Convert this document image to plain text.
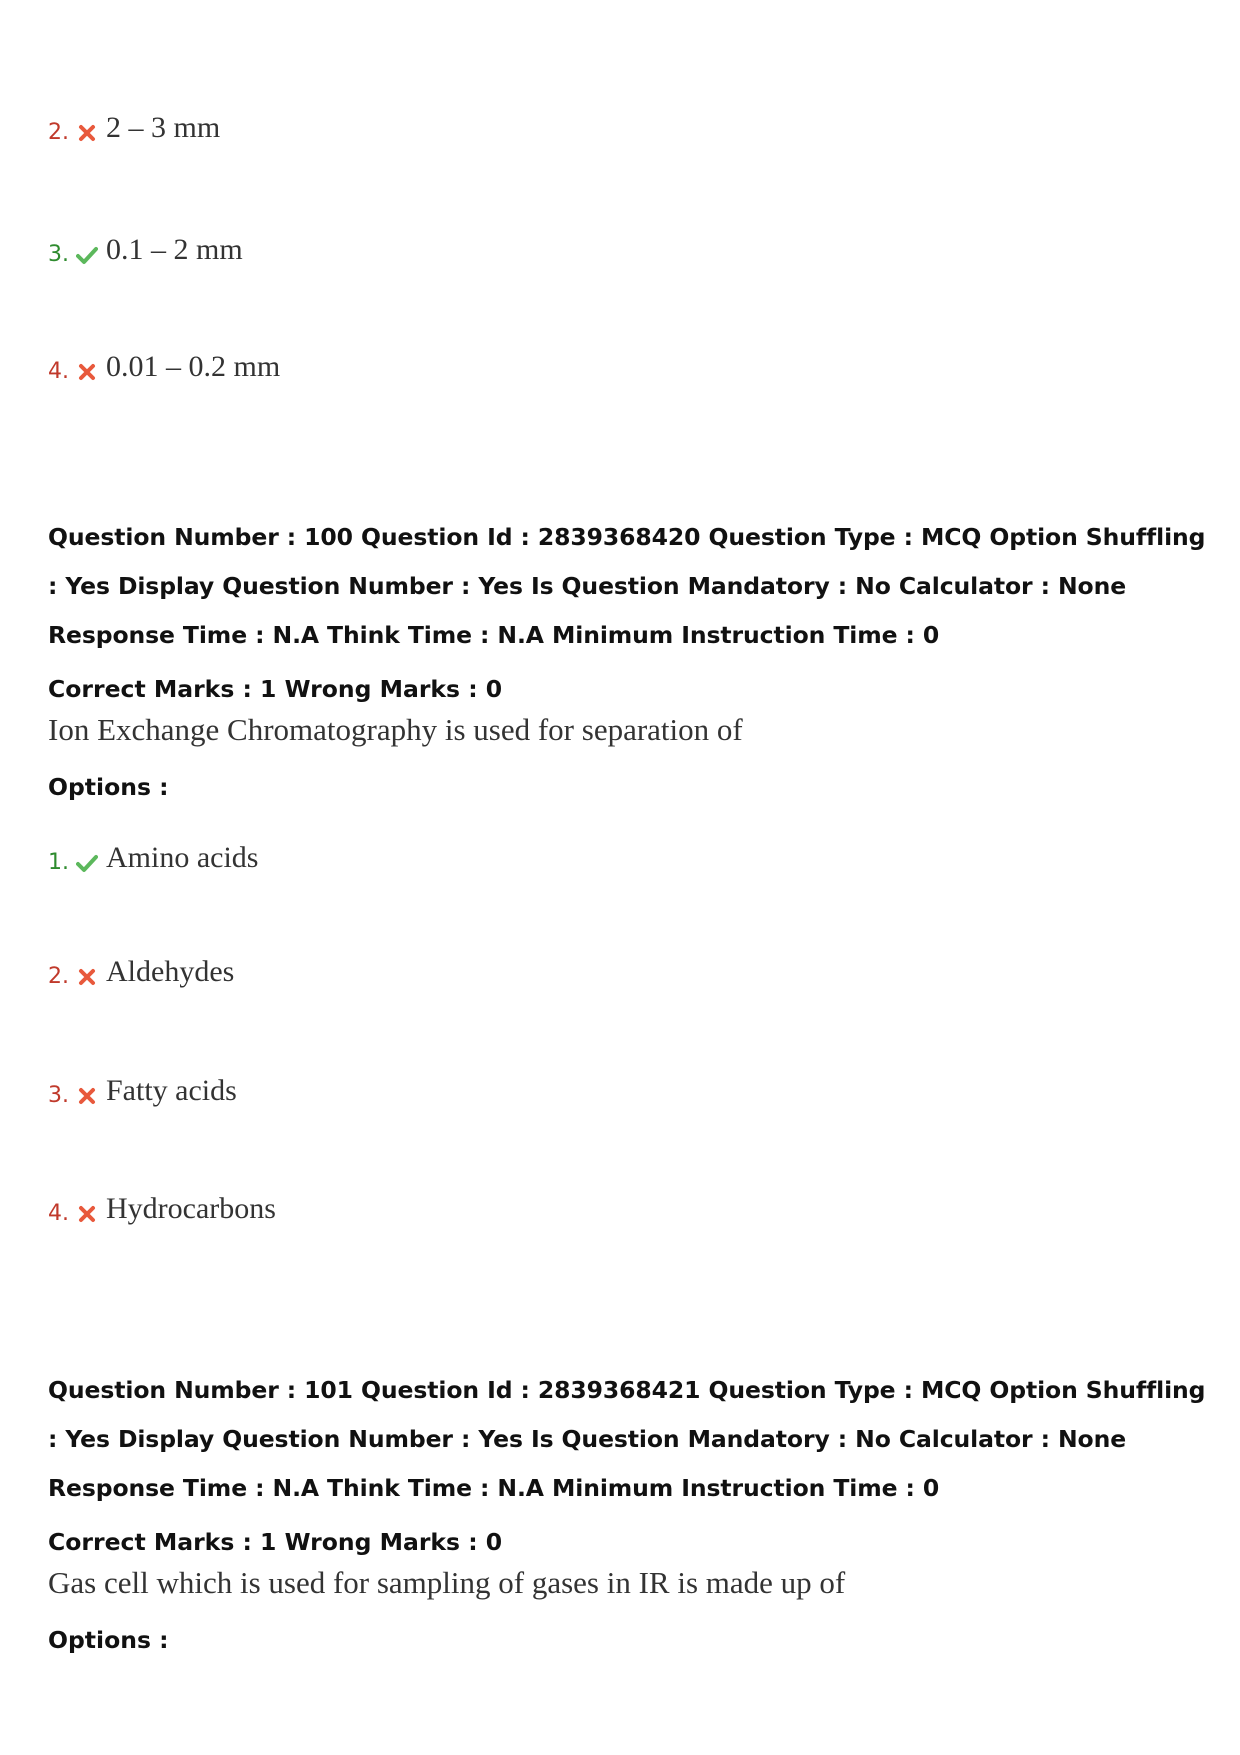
2. 2 – 3 mm
3. 0.1 – 2 mm
4. 0.01 – 0.2 mm
Question Number : 100 Question Id : 2839368420 Question Type : MCQ Option Shuffling : Yes Display Question Number : Yes Is Question Mandatory : No Calculator : None Response Time : N.A Think Time : N.A Minimum Instruction Time : 0
Correct Marks : 1 Wrong Marks : 0
Ion Exchange Chromatography is used for separation of
Options :
1. Amino acids
2. Aldehydes
3. Fatty acids
4. Hydrocarbons
Question Number : 101 Question Id : 2839368421 Question Type : MCQ Option Shuffling : Yes Display Question Number : Yes Is Question Mandatory : No Calculator : None Response Time : N.A Think Time : N.A Minimum Instruction Time : 0
Correct Marks : 1 Wrong Marks : 0
Gas cell which is used for sampling of gases in IR is made up of
Options :
